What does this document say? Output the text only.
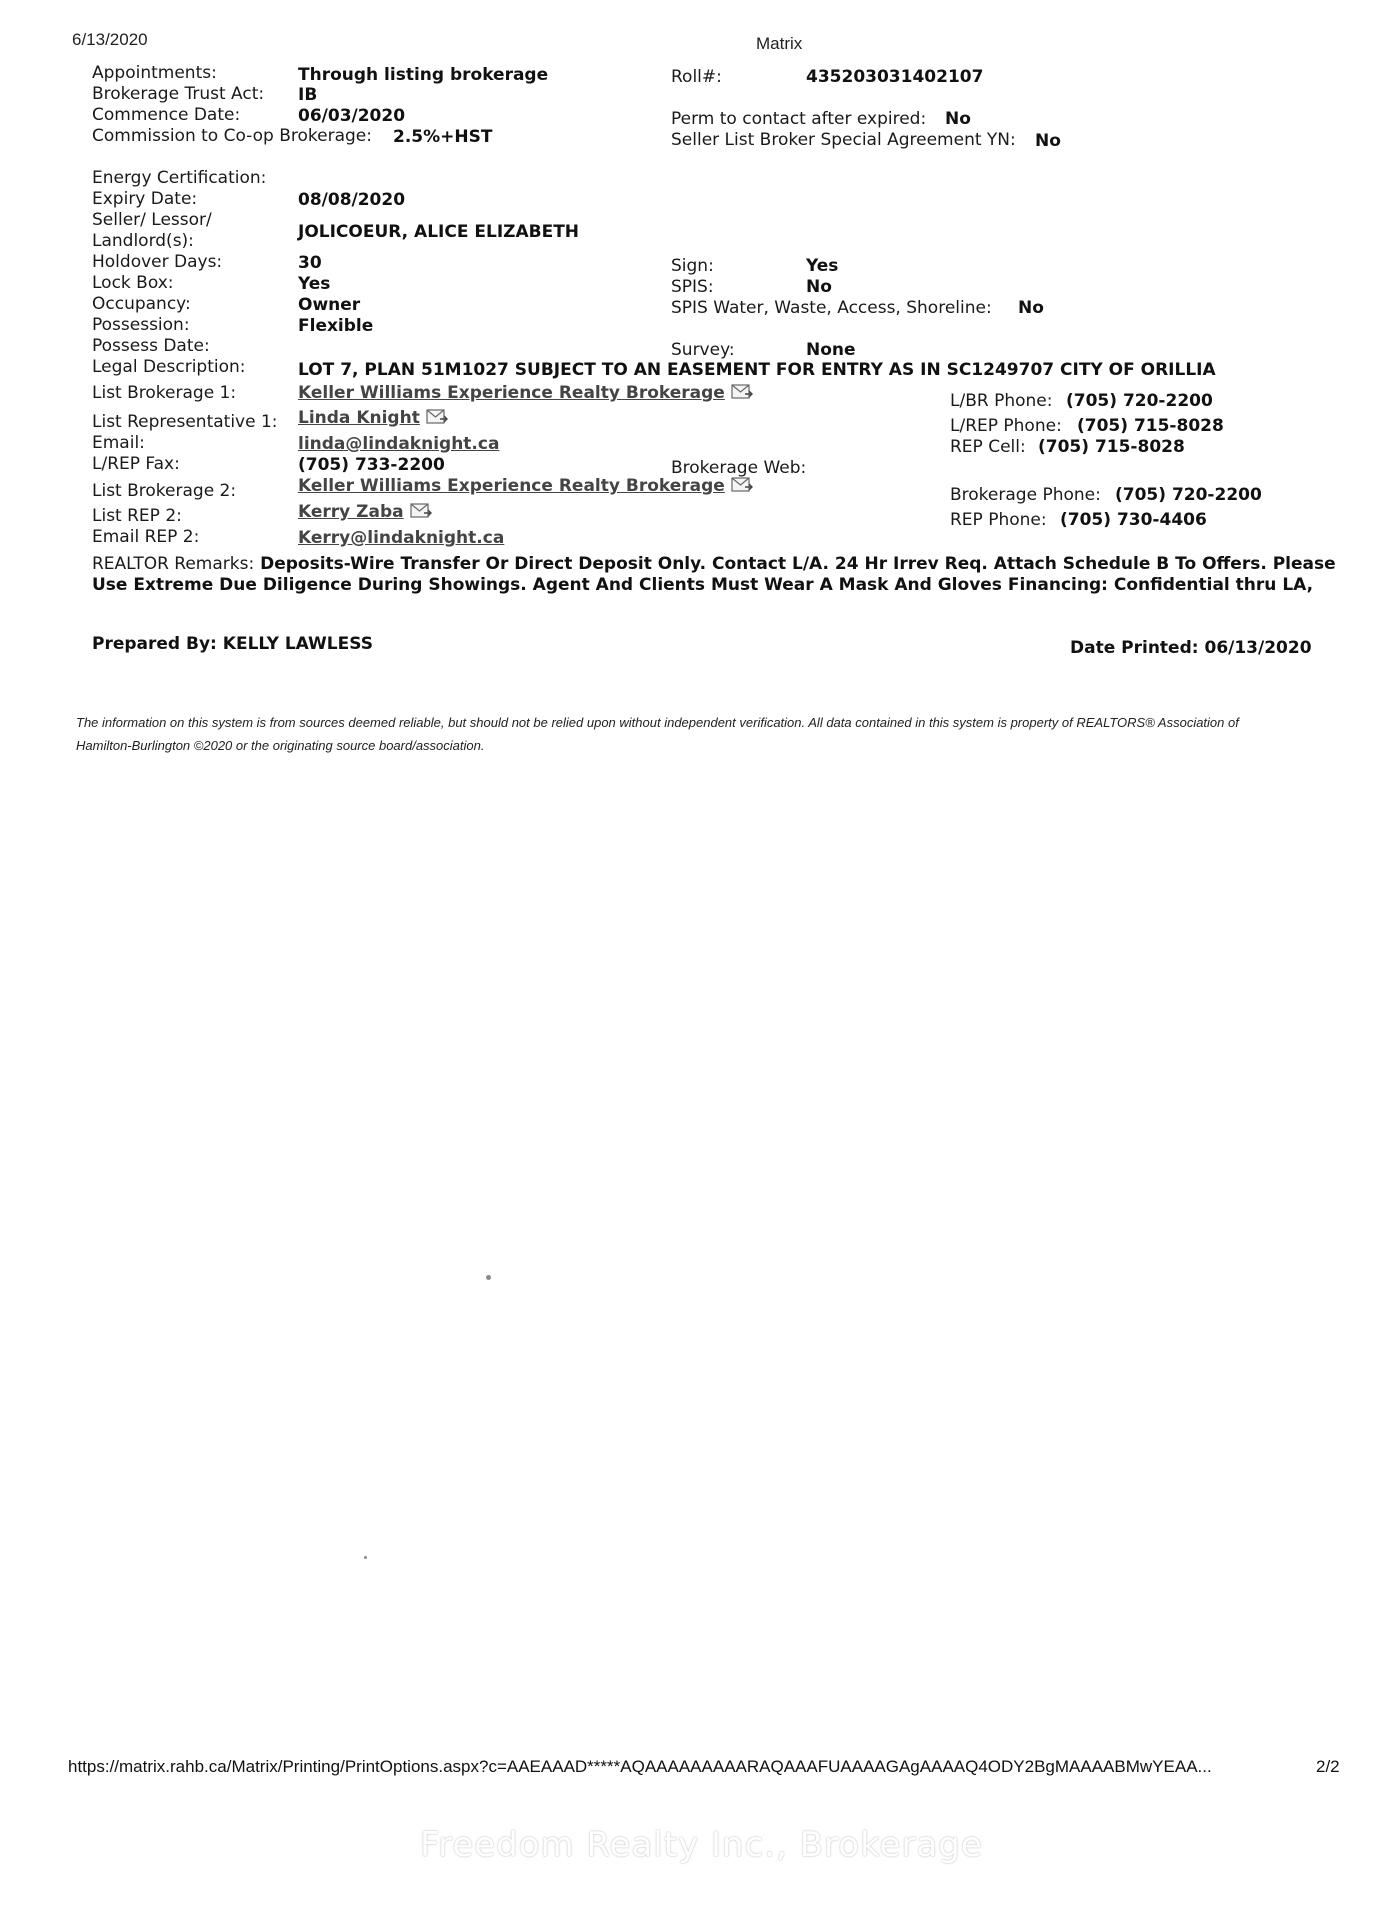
6/13/2020	Matrix
Appointments:	Through listing brokerage	Roll#:	435203031402107
Brokerage Trust Act: IB
Commence Date:	06/03/2020	Perm to contact after expired: No
Commission to Co-op Brokerage: 2.5%+HST	Seller List Broker Special Agreement YN: No
Energy Certification:
Expiry Date:	08/08/2020
Seller/ Lessor/
Landlord(s):	JOLICOEUR, ALICE ELIZABETH
Holdover Days:	30	Sign:	Yes
Lock Box:	Yes	SPIS:	No
Occupancy:	Owner	SPIS Water, Waste, Access, Shoreline: No
Possession:	Flexible
Possess Date:	Survey:	None
Legal Description:	LOT 7, PLAN 51M1027 SUBJECT TO AN EASEMENT FOR ENTRY AS IN SC1249707 CITY OF ORILLIA
List Brokerage 1:	Keller Williams Experience Realty Brokerage	L/BR Phone: (705) 720-2200
List Representative 1: Linda Knight	L/REP Phone: (705) 715-8028
Email:	linda@lindaknight.ca	REP Cell: (705) 715-8028
L/REP Fax:	(705) 733-2200	Brokerage Web:
List Brokerage 2:	Keller Williams Experience Realty Brokerage	Brokerage Phone: (705) 720-2200
List REP 2:	Kerry Zaba	REP Phone: (705) 730-4406
Email REP 2:	Kerry@lindaknight.ca
REALTOR Remarks: Deposits-Wire Transfer Or Direct Deposit Only. Contact L/A. 24 Hr Irrev Req. Attach Schedule B To Offers. Please Use Extreme Due Diligence During Showings. Agent And Clients Must Wear A Mask And Gloves Financing: Confidential thru LA,
Prepared By: KELLY LAWLESS	Date Printed: 06/13/2020
The information on this system is from sources deemed reliable, but should not be relied upon without independent verification. All data contained in this system is property of REALTORS® Association of Hamilton-Burlington ©2020 or the originating source board/association.
https://matrix.rahb.ca/Matrix/Printing/PrintOptions.aspx?c=AAEAAAD*****AQAAAAAAAAARAQAAAFUAAAAGAgAAAAQ4ODY2BgMAAAABMwYEAA...	2/2
Freedom Realty Inc., Brokerage
